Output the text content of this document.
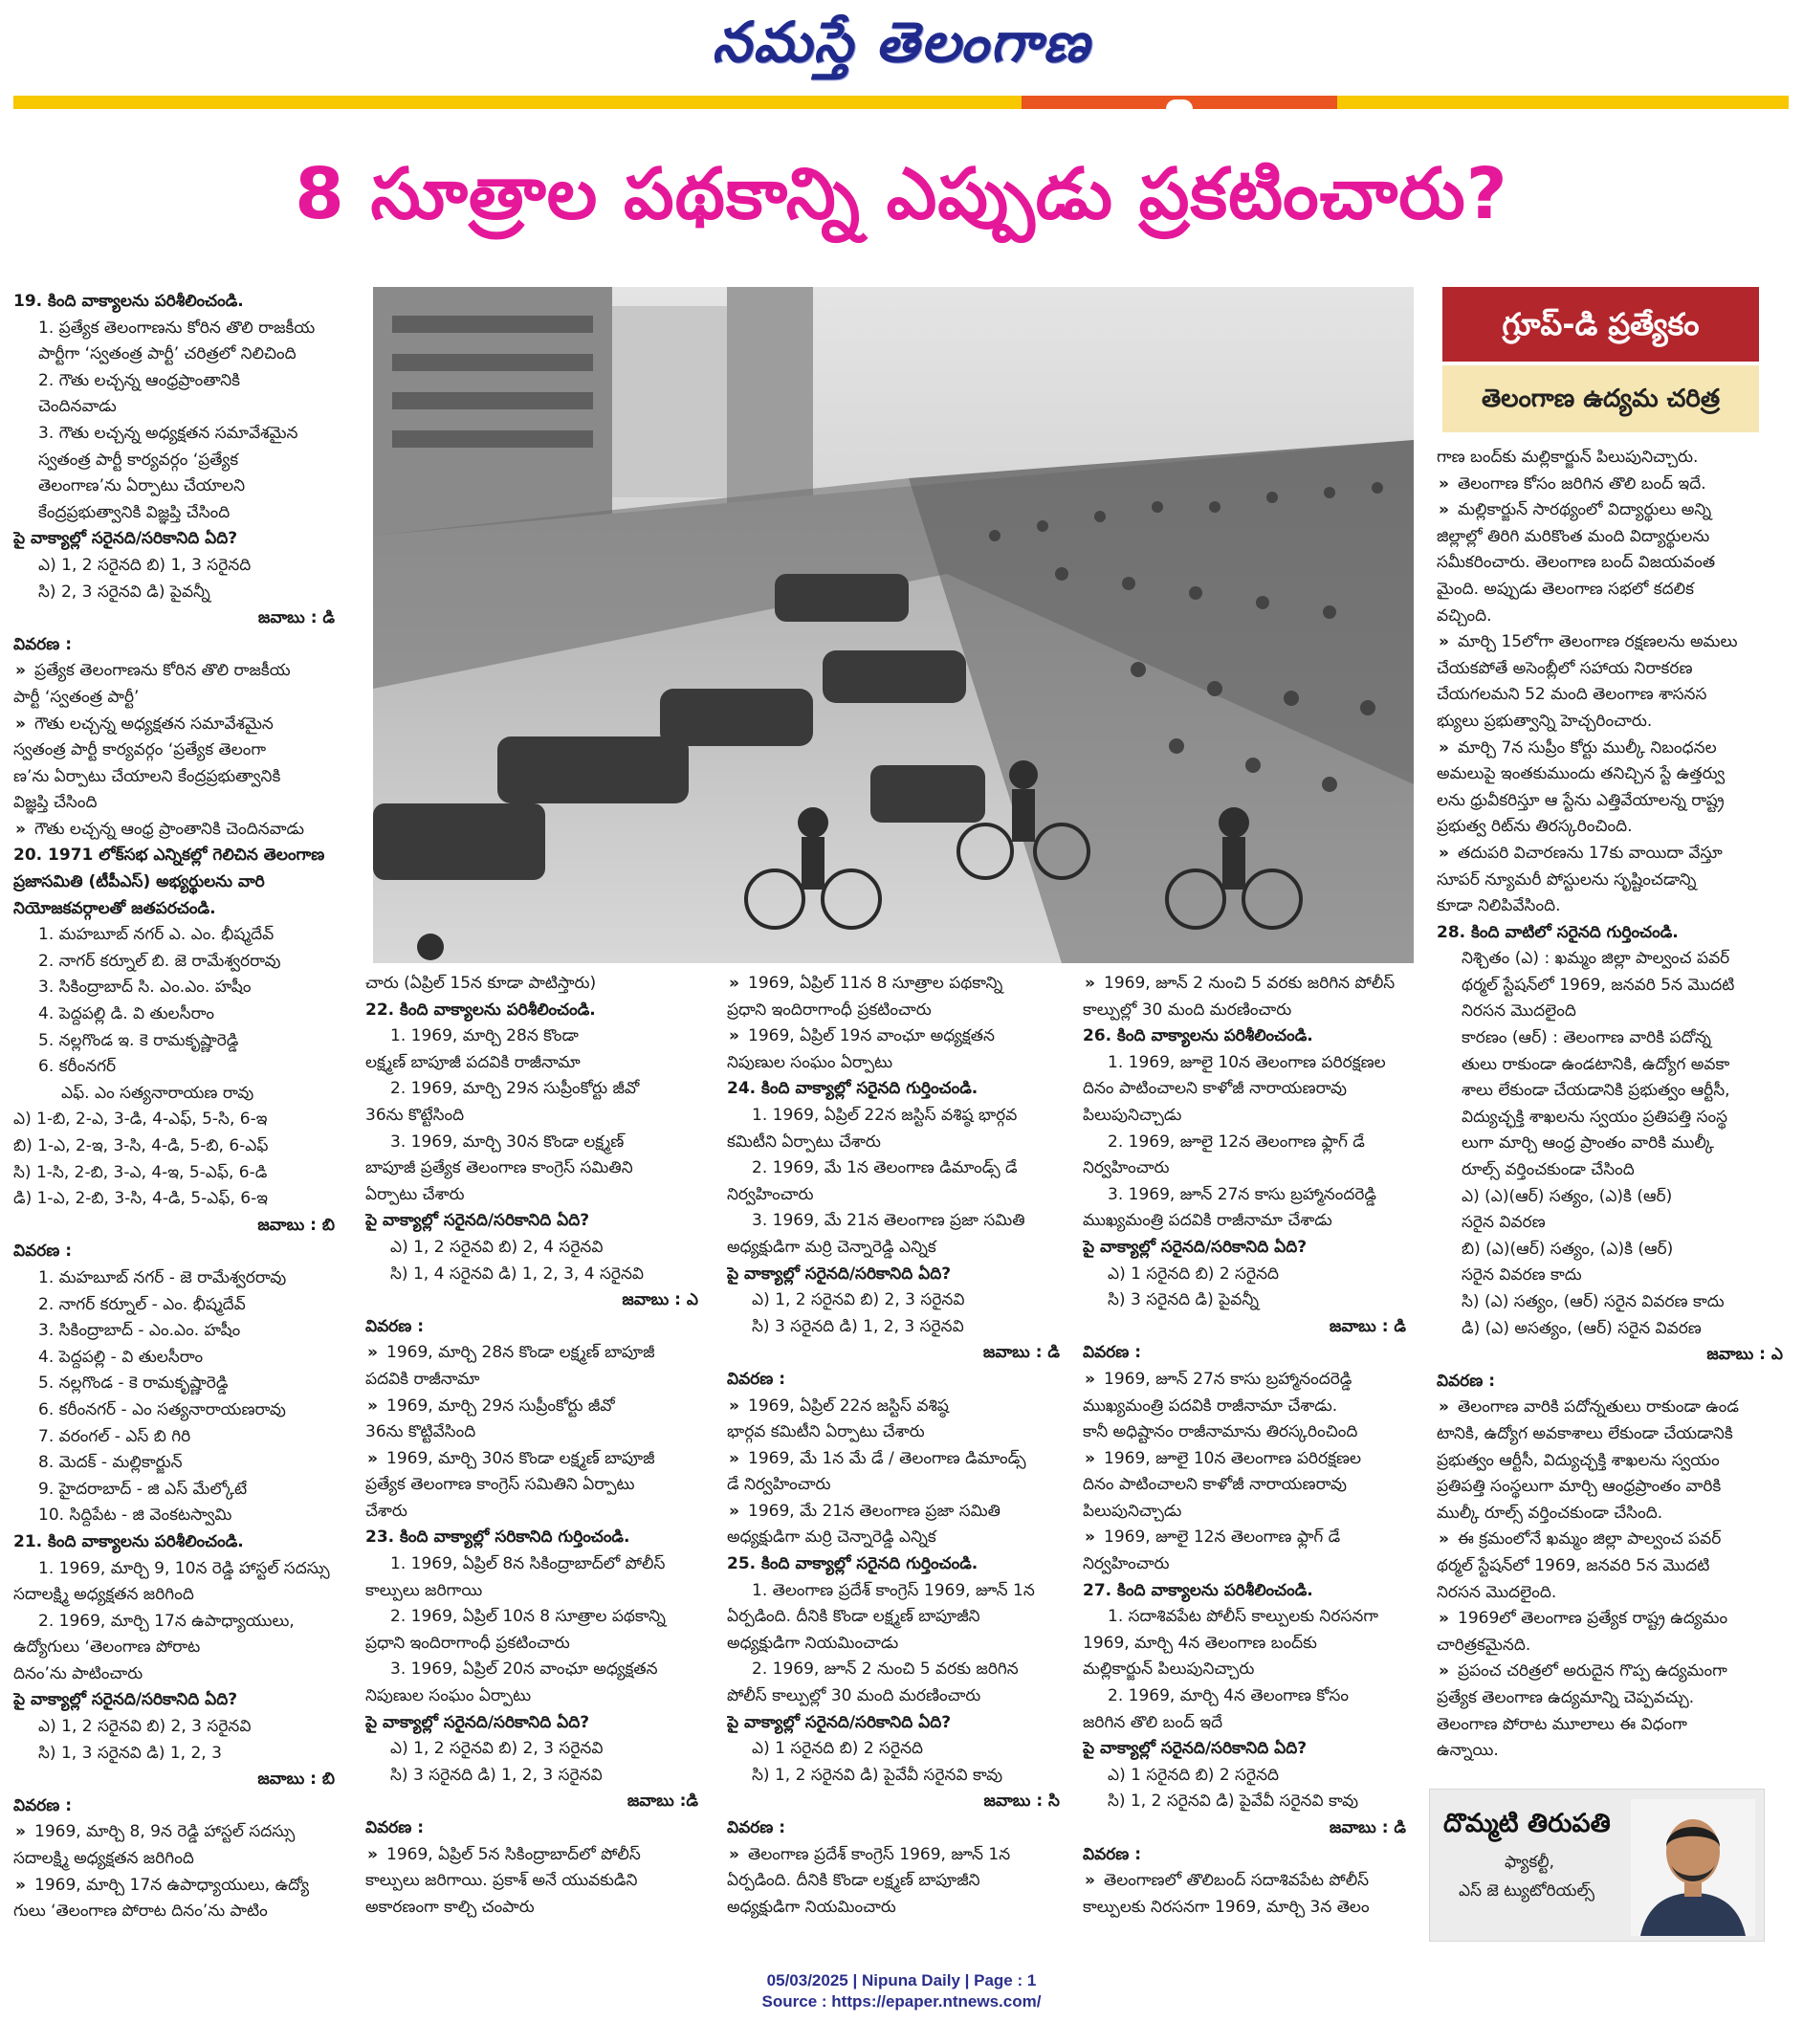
నమస్తే తెలంగాణ
8 సూత్రాల పథకాన్ని ఎప్పుడు ప్రకటించారు?

19. కింది వాక్యాలను పరిశీలించండి.

1. ప్రత్యేక తెలంగాణను కోరిన తొలి రాజకీయ

పార్టీగా ‘స్వతంత్ర పార్టీ’ చరిత్రలో నిలిచింది

2. గౌతు లచ్చన్న ఆంధ్రప్రాంతానికి

చెందినవాడు

3. గౌతు లచ్చన్న అధ్యక్షతన సమావేశమైన

స్వతంత్ర పార్టీ కార్యవర్గం ‘ప్రత్యేక

తెలంగాణ’ను ఏర్పాటు చేయాలని

కేంద్రప్రభుత్వానికి విజ్ఞప్తి చేసింది

పై వాక్యాల్లో సరైనది/సరికానిది ఏది?

ఎ) 1, 2 సరైనది బి) 1, 3 సరైనది

సి) 2, 3 సరైనవి డి) పైవన్నీ

జవాబు : డి

వివరణ :

» ప్రత్యేక తెలంగాణను కోరిన తొలి రాజకీయ

పార్టీ ‘స్వతంత్ర పార్టీ’

» గౌతు లచ్చన్న అధ్యక్షతన సమావేశమైన

స్వతంత్ర పార్టీ కార్యవర్గం ‘ప్రత్యేక తెలంగా

ణ’ను ఏర్పాటు చేయాలని కేంద్రప్రభుత్వానికి

విజ్ఞప్తి చేసింది

» గౌతు లచ్చన్న ఆంధ్ర ప్రాంతానికి చెందినవాడు

20. 1971 లోక్‌సభ ఎన్నికల్లో గెలిచిన తెలంగాణ

ప్రజాసమితి (టీపీఎస్) అభ్యర్థులను వారి

నియోజకవర్గాలతో జతపరచండి.

1. మహబూబ్ నగర్ ఎ. ఎం. భీష్మదేవ్

2. నాగర్ కర్నూల్ బి. జె రామేశ్వరరావు

3. సికింద్రాబాద్ సి. ఎం.ఎం. హషీం

4. పెద్దపల్లి డి. వి తులసీరాం

5. నల్లగొండ ఇ. కె రామకృష్ణారెడ్డి

6. కరీంనగర్

ఎఫ్. ఎం సత్యనారాయణ రావు

ఎ) 1-బి, 2-ఎ, 3-డి, 4-ఎఫ్, 5-సి, 6-ఇ

బి) 1-ఎ, 2-ఇ, 3-సి, 4-డి, 5-బి, 6-ఎఫ్

సి) 1-సి, 2-బి, 3-ఎ, 4-ఇ, 5-ఎఫ్, 6-డి

డి) 1-ఎ, 2-బి, 3-సి, 4-డి, 5-ఎఫ్, 6-ఇ

జవాబు : బి

వివరణ :

1. మహబూబ్ నగర్ - జె రామేశ్వరరావు

2. నాగర్ కర్నూల్ - ఎం. భీష్మదేవ్

3. సికింద్రాబాద్ - ఎం.ఎం. హషీం

4. పెద్దపల్లి - వి తులసీరాం

5. నల్లగొండ - కె రామకృష్ణారెడ్డి

6. కరీంనగర్ - ఎం సత్యనారాయణరావు

7. వరంగల్ - ఎస్ బి గిరి

8. మెదక్ - మల్లికార్జున్

9. హైదరాబాద్ - జి ఎస్ మేల్కోటే

10. సిద్దిపేట - జి వెంకటస్వామి

21. కింది వాక్యాలను పరిశీలించండి.

1. 1969, మార్చి 9, 10న రెడ్డి హాస్టల్ సదస్సు

సదాలక్ష్మి అధ్యక్షతన జరిగింది

2. 1969, మార్చి 17న ఉపాధ్యాయులు,

ఉద్యోగులు ‘తెలంగాణ పోరాట

దినం’ను పాటించారు

పై వాక్యాల్లో సరైనది/సరికానిది ఏది?

ఎ) 1, 2 సరైనవి బి) 2, 3 సరైనవి

సి) 1, 3 సరైనవి డి) 1, 2, 3

జవాబు : బి

వివరణ :

» 1969, మార్చి 8, 9న రెడ్డి హాస్టల్ సదస్సు

సదాలక్ష్మి అధ్యక్షతన జరిగింది

» 1969, మార్చి 17న ఉపాధ్యాయులు, ఉద్యో

గులు ‘తెలంగాణ పోరాట దినం’ను పాటిం

గ్రూప్-డి ప్రత్యేకం
తెలంగాణ ఉద్యమ చరిత్ర

చారు (ఏప్రిల్ 15న కూడా పాటిస్తారు)

22. కింది వాక్యాలను పరిశీలించండి.

1. 1969, మార్చి 28న కొండా

లక్ష్మణ్ బాపూజీ పదవికి రాజీనామా

2. 1969, మార్చి 29న సుప్రీంకోర్టు జీవో

36ను కొట్టేసింది

3. 1969, మార్చి 30న కొండా లక్ష్మణ్

బాపూజీ ప్రత్యేక తెలంగాణ కాంగ్రెస్ సమితిని

ఏర్పాటు చేశారు

పై వాక్యాల్లో సరైనది/సరికానిది ఏది?

ఎ) 1, 2 సరైనవి బి) 2, 4 సరైనవి

సి) 1, 4 సరైనవి డి) 1, 2, 3, 4 సరైనవి

జవాబు : ఎ

వివరణ :

» 1969, మార్చి 28న కొండా లక్ష్మణ్ బాపూజీ

పదవికి రాజీనామా

» 1969, మార్చి 29న సుప్రీంకోర్టు జీవో

36ను కొట్టివేసింది

» 1969, మార్చి 30న కొండా లక్ష్మణ్ బాపూజీ

ప్రత్యేక తెలంగాణ కాంగ్రెస్ సమితిని ఏర్పాటు

చేశారు

23. కింది వాక్యాల్లో సరికానిది గుర్తించండి.

1. 1969, ఏప్రిల్ 8న సికింద్రాబాద్‌లో పోలీస్

కాల్పులు జరిగాయి

2. 1969, ఏప్రిల్ 10న 8 సూత్రాల పథకాన్ని

ప్రధాని ఇందిరాగాంధీ ప్రకటించారు

3. 1969, ఏప్రిల్ 20న వాంఛూ అధ్యక్షతన

నిపుణుల సంఘం ఏర్పాటు

పై వాక్యాల్లో సరైనది/సరికానిది ఏది?

ఎ) 1, 2 సరైనవి బి) 2, 3 సరైనవి

సి) 3 సరైనది డి) 1, 2, 3 సరైనవి

జవాబు :డి

వివరణ :

» 1969, ఏప్రిల్ 5న సికింద్రాబాద్‌లో పోలీస్

కాల్పులు జరిగాయి. ప్రకాశ్ అనే యువకుడిని

అకారణంగా కాల్చి చంపారు

» 1969, ఏప్రిల్ 11న 8 సూత్రాల పథకాన్ని

ప్రధాని ఇందిరాగాంధీ ప్రకటించారు

» 1969, ఏప్రిల్ 19న వాంఛూ అధ్యక్షతన

నిపుణుల సంఘం ఏర్పాటు

24. కింది వాక్యాల్లో సరైనది గుర్తించండి.

1. 1969, ఏప్రిల్ 22న జస్టిస్ వశిష్ఠ భార్గవ

కమిటీని ఏర్పాటు చేశారు

2. 1969, మే 1న తెలంగాణ డిమాండ్స్ డే

నిర్వహించారు

3. 1969, మే 21న తెలంగాణ ప్రజా సమితి

అధ్యక్షుడిగా మర్రి చెన్నారెడ్డి ఎన్నిక

పై వాక్యాల్లో సరైనది/సరికానిది ఏది?

ఎ) 1, 2 సరైనవి బి) 2, 3 సరైనవి

సి) 3 సరైనది డి) 1, 2, 3 సరైనవి

జవాబు : డి

వివరణ :

» 1969, ఏప్రిల్ 22న జస్టిస్ వశిష్ఠ

భార్గవ కమిటీని ఏర్పాటు చేశారు

» 1969, మే 1న మే డే / తెలంగాణ డిమాండ్స్

డే నిర్వహించారు

» 1969, మే 21న తెలంగాణ ప్రజా సమితి

అధ్యక్షుడిగా మర్రి చెన్నారెడ్డి ఎన్నిక

25. కింది వాక్యాల్లో సరైనది గుర్తించండి.

1. తెలంగాణ ప్రదేశ్ కాంగ్రెస్ 1969, జూన్ 1న

ఏర్పడింది. దీనికి కొండా లక్ష్మణ్ బాపూజీని

అధ్యక్షుడిగా నియమించాడు

2. 1969, జూన్ 2 నుంచి 5 వరకు జరిగిన

పోలీస్ కాల్పుల్లో 30 మంది మరణించారు

పై వాక్యాల్లో సరైనది/సరికానిది ఏది?

ఎ) 1 సరైనది బి) 2 సరైనది

సి) 1, 2 సరైనవి డి) పైవేవీ సరైనవి కావు

జవాబు : సి

వివరణ :

» తెలంగాణ ప్రదేశ్ కాంగ్రెస్ 1969, జూన్ 1న

ఏర్పడింది. దీనికి కొండా లక్ష్మణ్ బాపూజీని

అధ్యక్షుడిగా నియమించారు

» 1969, జూన్ 2 నుంచి 5 వరకు జరిగిన పోలీస్

కాల్పుల్లో 30 మంది మరణించారు

26. కింది వాక్యాలను పరిశీలించండి.

1. 1969, జూలై 10న తెలంగాణ పరిరక్షణల

దినం పాటించాలని కాళోజీ నారాయణరావు

పిలుపునిచ్చాడు

2. 1969, జూలై 12న తెలంగాణ ఫ్లాగ్ డే

నిర్వహించారు

3. 1969, జూన్ 27న కాసు బ్రహ్మానందరెడ్డి

ముఖ్యమంత్రి పదవికి రాజీనామా చేశాడు

పై వాక్యాల్లో సరైనది/సరికానిది ఏది?

ఎ) 1 సరైనది బి) 2 సరైనది

సి) 3 సరైనది డి) పైవన్నీ

జవాబు : డి

వివరణ :

» 1969, జూన్ 27న కాసు బ్రహ్మానందరెడ్డి

ముఖ్యమంత్రి పదవికి రాజీనామా చేశాడు.

కానీ అధిష్టానం రాజీనామాను తిరస్కరించింది

» 1969, జూలై 10న తెలంగాణ పరిరక్షణల

దినం పాటించాలని కాళోజీ నారాయణరావు

పిలుపునిచ్చాడు

» 1969, జూలై 12న తెలంగాణ ఫ్లాగ్ డే

నిర్వహించారు

27. కింది వాక్యాలను పరిశీలించండి.

1. సదాశివపేట పోలీస్ కాల్పులకు నిరసనగా

1969, మార్చి 4న తెలంగాణ బంద్‌కు

మల్లికార్జున్ పిలుపునిచ్చారు

2. 1969, మార్చి 4న తెలంగాణ కోసం

జరిగిన తొలి బంద్ ఇదే

పై వాక్యాల్లో సరైనది/సరికానిది ఏది?

ఎ) 1 సరైనది బి) 2 సరైనది

సి) 1, 2 సరైనవి డి) పైవేవీ సరైనవి కావు

జవాబు : డి

వివరణ :

» తెలంగాణలో తొలిబంద్ సదాశివపేట పోలీస్

కాల్పులకు నిరసనగా 1969, మార్చి 3న తెలం

గాణ బంద్‌కు మల్లికార్జున్ పిలుపునిచ్చారు.

» తెలంగాణ కోసం జరిగిన తొలి బంద్ ఇదే.

» మల్లికార్జున్ సారథ్యంలో విద్యార్థులు అన్ని

జిల్లాల్లో తిరిగి మరికొంత మంది విద్యార్థులను

సమీకరించారు. తెలంగాణ బంద్ విజయవంత

మైంది. అప్పుడు తెలంగాణ సభలో కదలిక

వచ్చింది.

» మార్చి 15లోగా తెలంగాణ రక్షణలను అమలు

చేయకపోతే అసెంబ్లీలో సహాయ నిరాకరణ

చేయగలమని 52 మంది తెలంగాణ శాసనస

భ్యులు ప్రభుత్వాన్ని హెచ్చరించారు.

» మార్చి 7న సుప్రీం కోర్టు ముల్కీ నిబంధనల

అమలుపై ఇంతకుముందు తనిచ్చిన స్టే ఉత్తర్వు

లను ధ్రువీకరిస్తూ ఆ స్టేను ఎత్తివేయాలన్న రాష్ట్ర

ప్రభుత్వ రిట్‌ను తిరస్కరించింది.

» తదుపరి విచారణను 17కు వాయిదా వేస్తూ

సూపర్ న్యూమరీ పోస్టులను సృష్టించడాన్ని

కూడా నిలిపివేసింది.

28. కింది వాటిలో సరైనది గుర్తించండి.

నిశ్చితం (ఎ) : ఖమ్మం జిల్లా పాల్వంచ పవర్

థర్మల్ స్టేషన్‌లో 1969, జనవరి 5న మొదటి

నిరసన మొదలైంది

కారణం (ఆర్) : తెలంగాణ వారికి పదోన్న

తులు రాకుండా ఉండటానికి, ఉద్యోగ అవకా

శాలు లేకుండా చేయడానికి ప్రభుత్వం ఆర్టీసీ,

విద్యుచ్ఛక్తి శాఖలను స్వయం ప్రతిపత్తి సంస్థ

లుగా మార్చి ఆంధ్ర ప్రాంతం వారికి ముల్కీ

రూల్స్ వర్తించకుండా చేసింది

ఎ) (ఎ)(ఆర్) సత్యం, (ఎ)కి (ఆర్)

సరైన వివరణ

బి) (ఎ)(ఆర్) సత్యం, (ఎ)కి (ఆర్)

సరైన వివరణ కాదు

సి) (ఎ) సత్యం, (ఆర్) సరైన వివరణ కాదు

డి) (ఎ) అసత్యం, (ఆర్) సరైన వివరణ

జవాబు : ఎ

వివరణ :

» తెలంగాణ వారికి పదోన్నతులు రాకుండా ఉండ

టానికి, ఉద్యోగ అవకాశాలు లేకుండా చేయడానికి

ప్రభుత్వం ఆర్టీసీ, విద్యుచ్ఛక్తి శాఖలను స్వయం

ప్రతిపత్తి సంస్థలుగా మార్చి ఆంధ్రప్రాంతం వారికి

ముల్కీ రూల్స్ వర్తించకుండా చేసింది.

» ఈ క్రమంలోనే ఖమ్మం జిల్లా పాల్వంచ పవర్

థర్మల్ స్టేషన్‌లో 1969, జనవరి 5న మొదటి

నిరసన మొదలైంది.

» 1969లో తెలంగాణ ప్రత్యేక రాష్ట్ర ఉద్యమం

చారిత్రకమైనది.

» ప్రపంచ చరిత్రలో అరుదైన గొప్ప ఉద్యమంగా

ప్రత్యేక తెలంగాణ ఉద్యమాన్ని చెప్పవచ్చు.

తెలంగాణ పోరాట మూలాలు ఈ విధంగా

ఉన్నాయి.

దొమ్మటి తిరుపతి
ఫ్యాకల్టీ,
ఎస్ జె ట్యుటోరియల్స్
05/03/2025 | Nipuna Daily | Page : 1
Source : https://epaper.ntnews.com/
